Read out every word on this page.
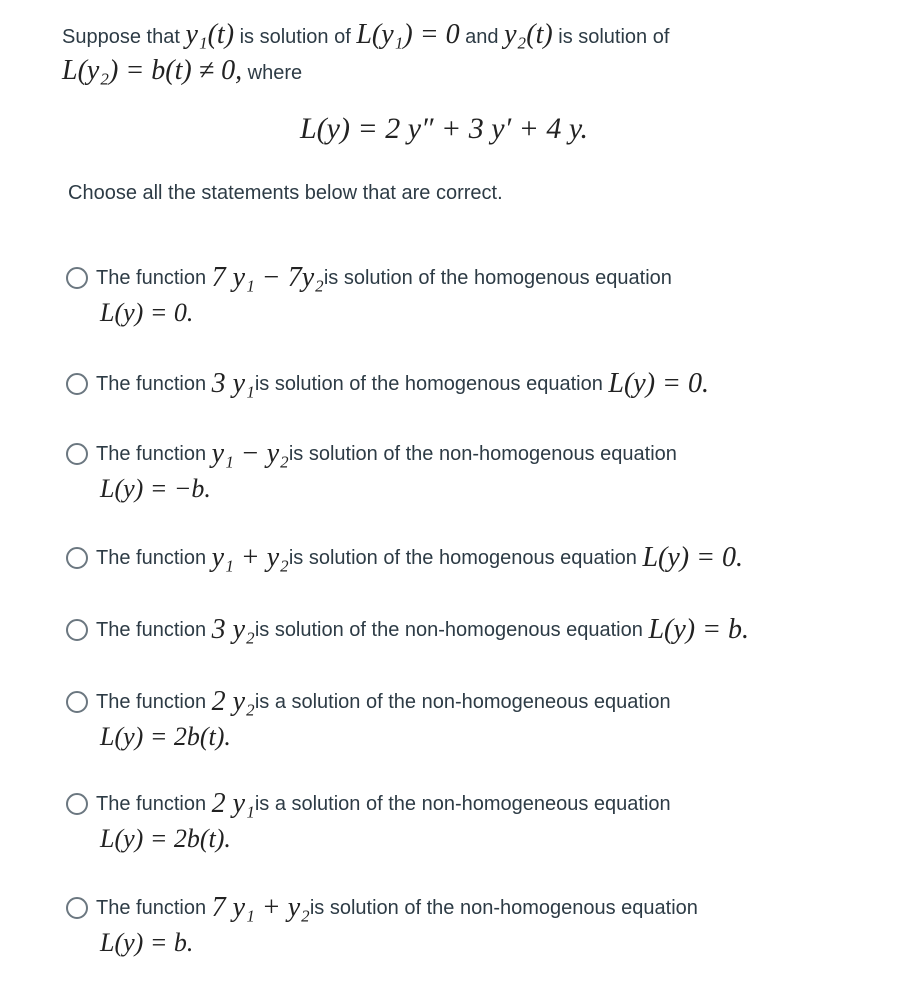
Suppose that y₁(t) is solution of L(y₁) = 0 and y₂(t) is solution of
L(y₂) = b(t) ≠ 0, where
L(y) = 2 y″ + 3 y′ + 4 y.
Choose all the statements below that are correct.
The function
7 y₁ − 7y₂ is solution of the homogenous equation
L(y) = 0.
The function
3 y₁ is solution of the homogenous equation
L(y) = 0.
The function
y₁ − y₂ is solution of the non-homogenous equation
L(y) = −b.
The function
y₁ + y₂ is solution of the homogenous equation
L(y) = 0.
The function
3 y₂ is solution of the non-homogenous equation
L(y) = b.
The function
2 y₂ is a solution of the non-homogeneous equation
L(y) = 2b(t).
The function
2 y₁ is a solution of the non-homogeneous equation
L(y) = 2b(t).
The function
7 y₁ + y₂ is solution of the non-homogenous equation
L(y) = b.
